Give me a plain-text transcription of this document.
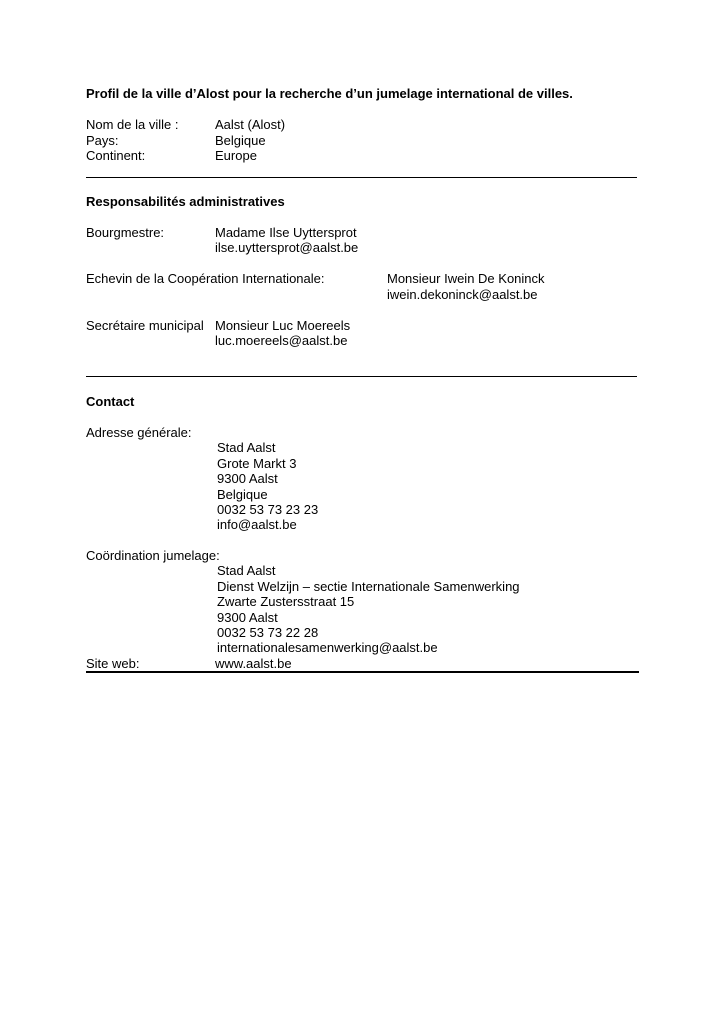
Profil de la ville d’Alost pour la recherche d’un jumelage international de villes.
Nom de la ville :	Aalst (Alost)
Pays:	Belgique
Continent:	Europe
Responsabilités administratives
Bourgmestre:	Madame Ilse Uyttersprot
ilse.uyttersprot@aalst.be
Echevin de la Coopération Internationale:	Monsieur Iwein De Koninck
iwein.dekoninck@aalst.be
Secrétaire municipal Monsieur Luc Moereels
luc.moereels@aalst.be
Contact
Adresse générale:
Stad Aalst
Grote Markt 3
9300 Aalst
Belgique
0032 53 73 23 23
info@aalst.be
Coördination jumelage:
Stad Aalst
Dienst Welzijn – sectie Internationale Samenwerking
Zwarte Zustersstraat 15
9300 Aalst
0032 53 73 22 28
internationalesamenwerking@aalst.be
Site web:	www.aalst.be
